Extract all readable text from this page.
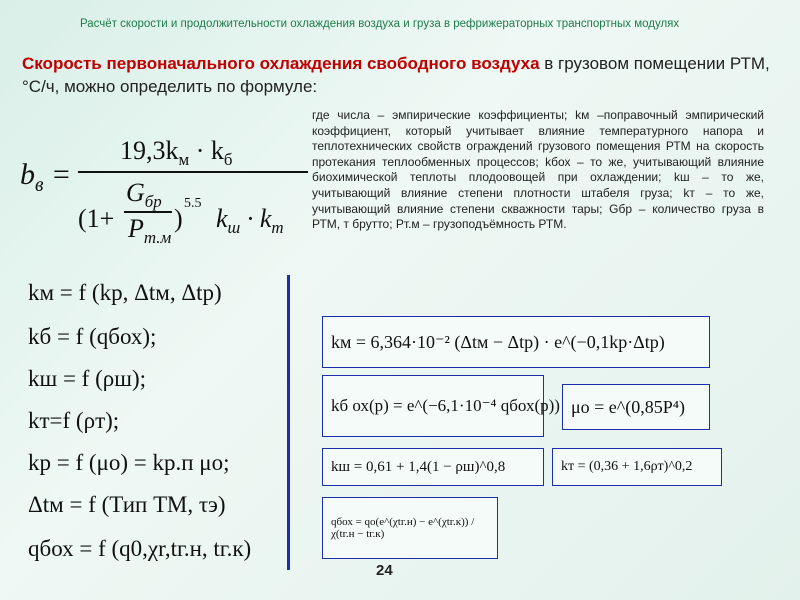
Расчёт скорости и продолжительности охлаждения воздуха и груза в рефрижераторных транспортных модулях
Скорость первоначального охлаждения свободного воздуха в грузовом помещении РТМ, °С/ч, можно определить по формуле:
где числа – эмпирические коэффициенты; kм –поправочный эмпирический коэффициент, который учитывает влияние температурного напора и теплотехнических свойств ограждений грузового помещения РТМ на скорость протекания теплообменных процессов; kбох – то же, учитывающий влияние биохимической теплоты плодоовощей при охлаждении; kш – то же, учитывающий влияние степени плотности штабеля груза; kт – то же, учитывающий влияние степени скважности тары; Gбр – количество груза в РТМ, т брутто; Pт.м – грузоподъёмность РТМ.
$b_в$ =
$19,3k_м \cdot k_б$
(1+
$G_{бр}$
$P_{т.м}$
)
5.5
$k_ш \cdot k_т$
kм = f (kр, Δtм, Δtр)
kб = f (qбох);
kш = f (ρш);
kт=f (ρт);
kр = f (μо) = kр.п μо;
Δtм = f (Тип ТМ, τэ)
qбох = f (q0,χr,tг.н, tг.к)
kм = 6,364·10⁻² (Δtм − Δtр) · e^(−0,1kр·Δtр)
kб ох(р) = e^(−6,1·10⁻⁴ qбох(р)) μо = e^(0,85P⁴)
kш = 0,61 + 1,4(1 − ρш)^0,8	kт = (0,36 + 1,6ρт)^0,2
qбох = qо(e^(χtг.н) − e^(χtг.к)) / χ(tг.н − tг.к)
24
